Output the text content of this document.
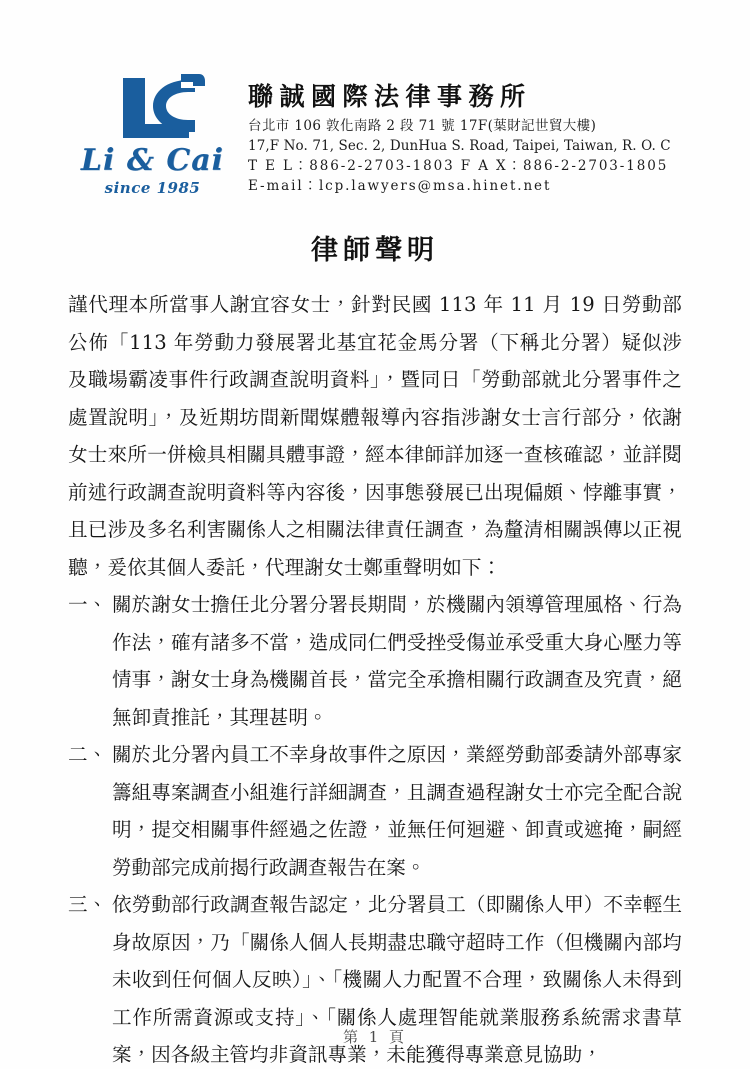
Li & Cai
since 1985
聯誠國際法律事務所
台北市 106 敦化南路 2 段 71 號 17F(葉財記世貿大樓)
17,F No. 71, Sec. 2, DunHua S. Road, Taipei, Taiwan, R. O. C
T E L：886-2-2703-1803 F A X：886-2-2703-1805
E-mail：lcp.lawyers@msa.hinet.net
律師聲明

謹代理本所當事人謝宜容女士，針對民國 113 年 11 月 19 日勞動部公佈「113 年勞動力發展署北基宜花金馬分署（下稱北分署）疑似涉及職場霸凌事件行政調查說明資料」，暨同日「勞動部就北分署事件之處置說明」，及近期坊間新聞媒體報導內容指涉謝女士言行部分，依謝女士來所一併檢具相關具體事證，經本律師詳加逐一查核確認，並詳閱前述行政調查說明資料等內容後，因事態發展已出現偏頗、悖離事實，且已涉及多名利害關係人之相關法律責任調查，為釐清相關誤傳以正視聽，爰依其個人委託，代理謝女士鄭重聲明如下：

一、 關於謝女士擔任北分署分署長期間，於機關內領導管理風格、行為作法，確有諸多不當，造成同仁們受挫受傷並承受重大身心壓力等情事，謝女士身為機關首長，當完全承擔相關行政調查及究責，絕無卸責推託，其理甚明。
二、 關於北分署內員工不幸身故事件之原因，業經勞動部委請外部專家籌組專案調查小組進行詳細調查，且調查過程謝女士亦完全配合說明，提交相關事件經過之佐證，並無任何迴避、卸責或遮掩，嗣經勞動部完成前揭行政調查報告在案。
三、 依勞動部行政調查報告認定，北分署員工（即關係人甲）不幸輕生身故原因，乃「關係人個人長期盡忠職守超時工作（但機關內部均未收到任何個人反映）」、「機關人力配置不合理，致關係人未得到工作所需資源或支持」、「關係人處理智能就業服務系統需求書草案，因各級主管均非資訊專業，未能獲得專業意見協助，
第 1 頁
